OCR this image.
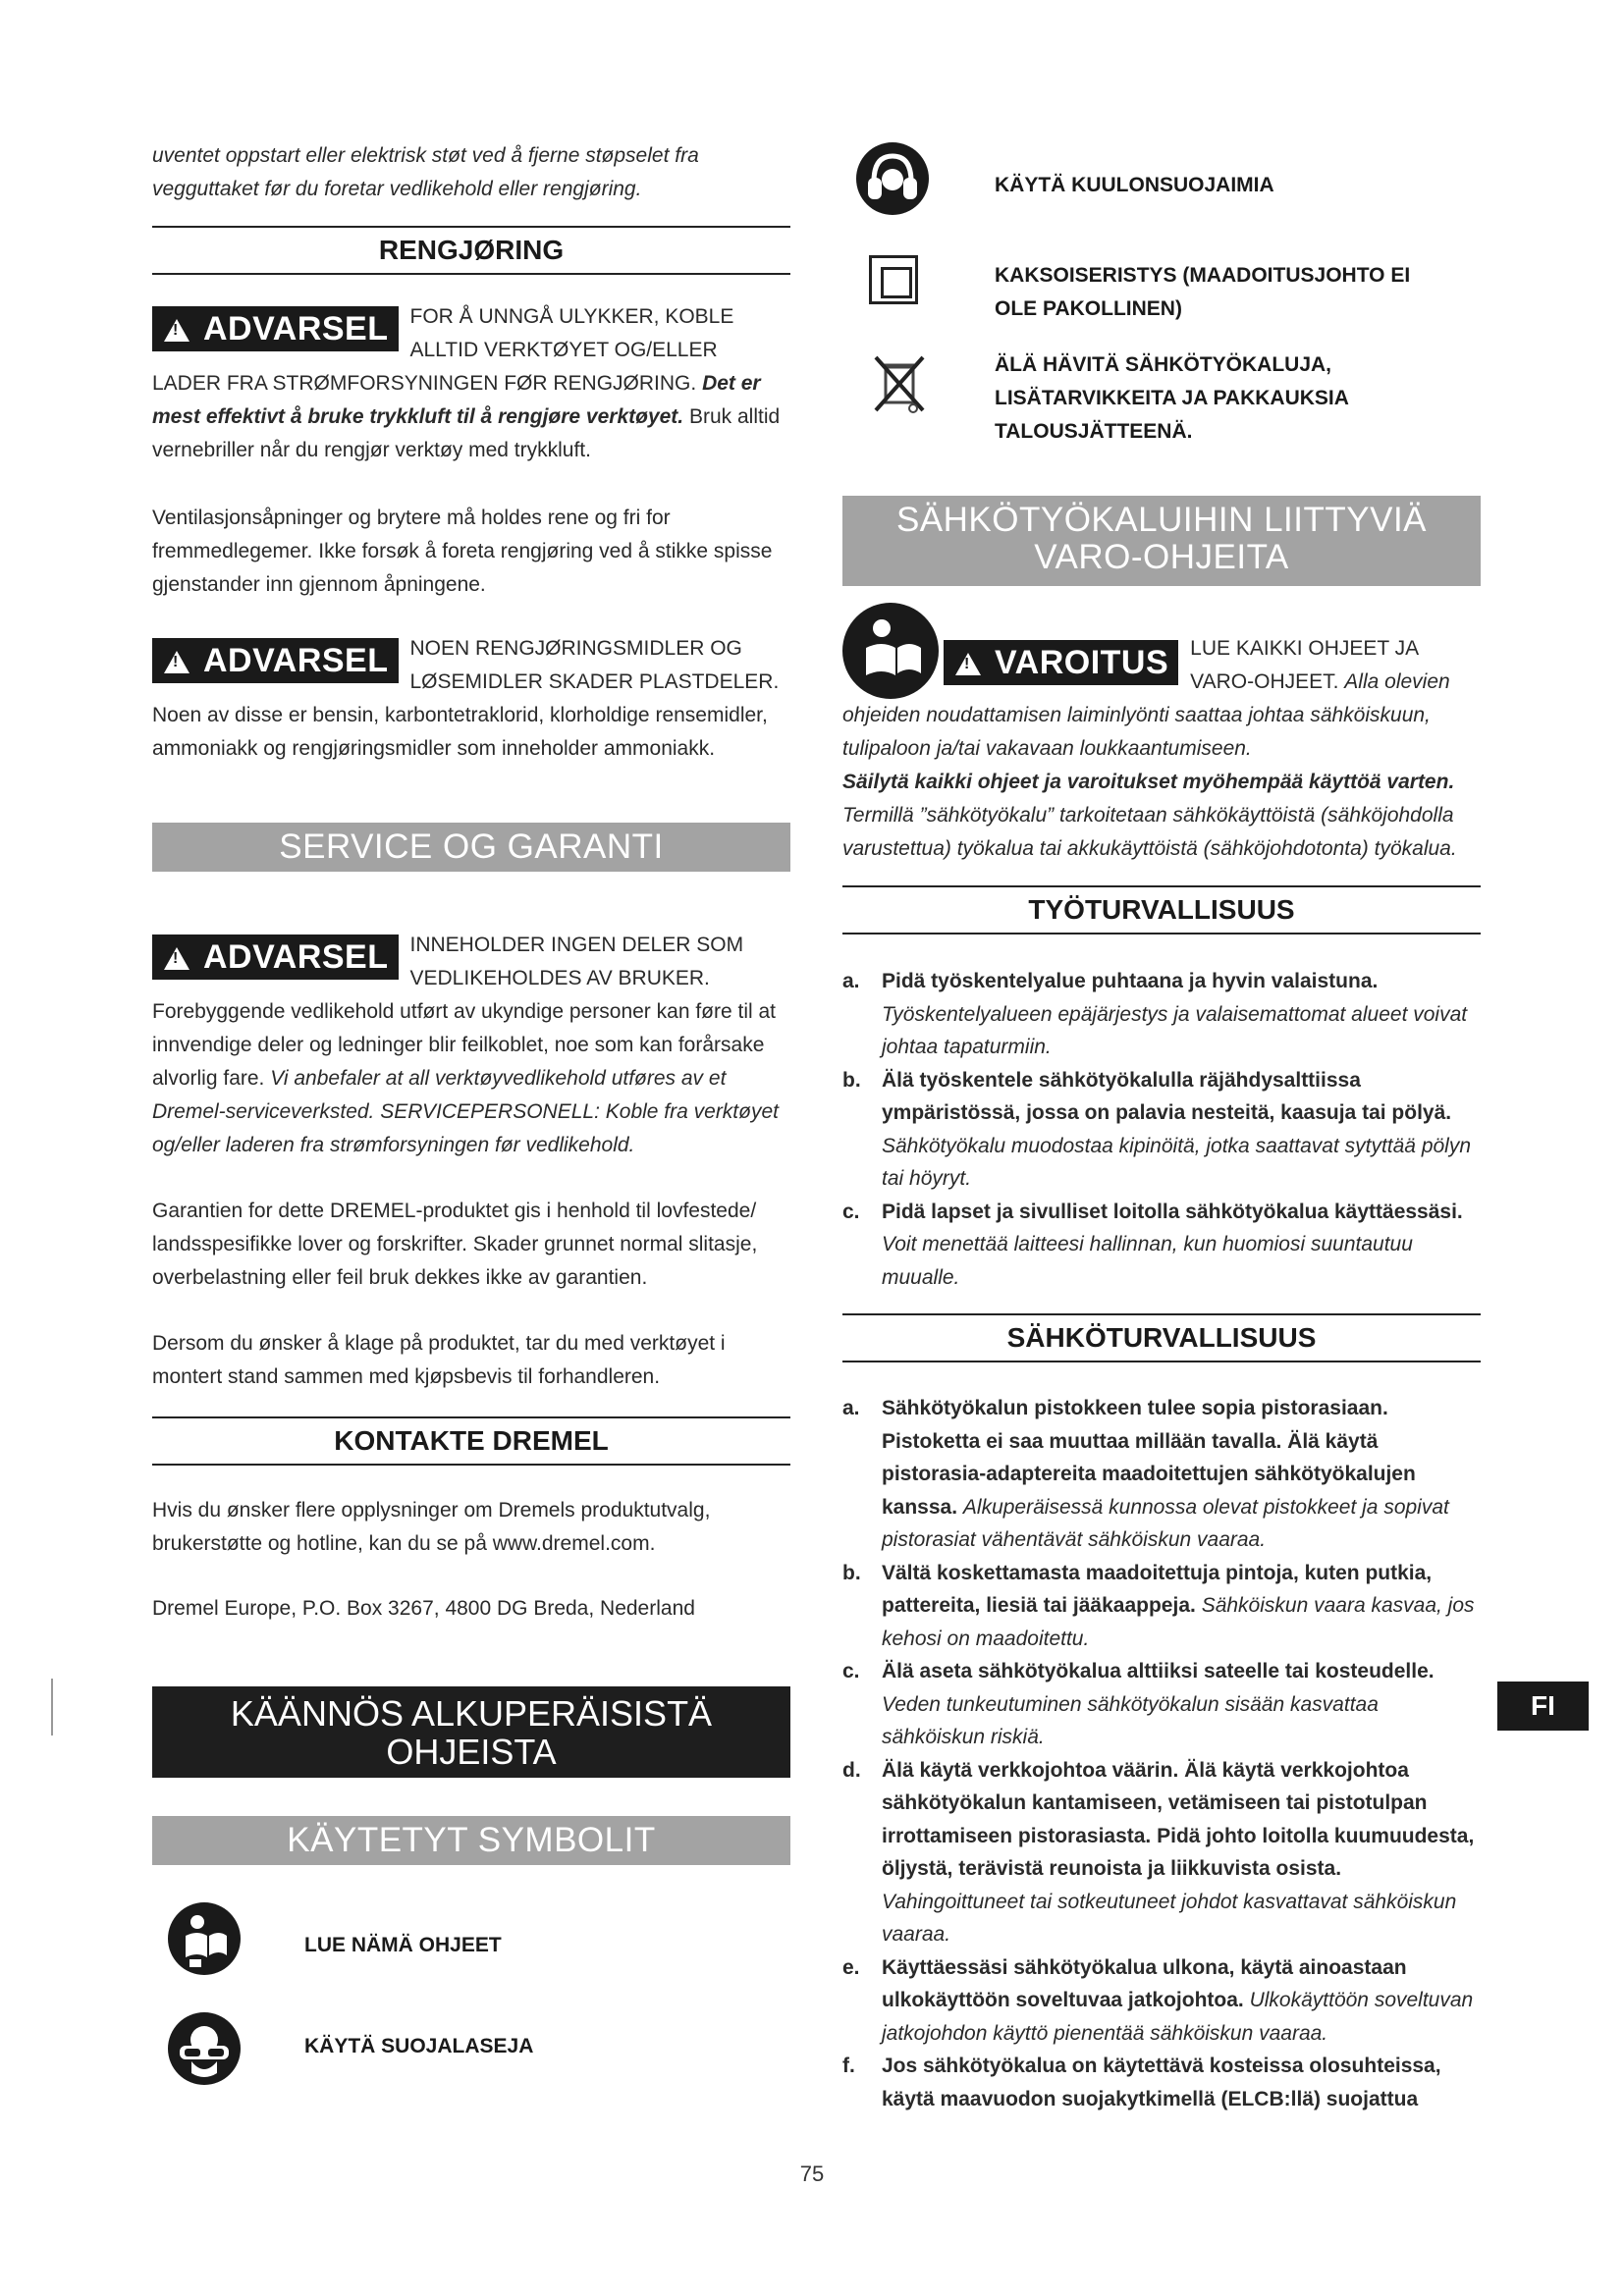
uventet oppstart eller elektrisk støt ved å fjerne støpselet fra vegguttaket før du foretar vedlikehold eller rengjøring.

RENGJØRING
!ADVARSEL	FOR Å UNNGÅ ULYKKER, KOBLE ALLTID VERKTØYET OG/ELLER LADER FRA STRØMFORSYNINGEN FØR RENGJØRING. Det er mest effektivt å bruke trykkluft til å rengjøre verktøyet. Bruk alltid vernebriller når du rengjør verktøy med trykkluft.

Ventilasjonsåpninger og brytere må holdes rene og fri for fremmedlegemer. Ikke forsøk å foreta rengjøring ved å stikke spisse gjenstander inn gjennom åpningene.

!ADVARSEL	NOEN RENGJØRINGSMIDLER OG LØSEMIDLER SKADER PLASTDELER. Noen av disse er bensin, karbontetraklorid, klorholdige rensemidler, ammoniakk og rengjøringsmidler som inneholder ammoniakk.
SERVICE OG GARANTI
!ADVARSEL	INNEHOLDER INGEN DELER SOM VEDLIKEHOLDES AV BRUKER. Forebyggende vedlikehold utført av ukyndige personer kan føre til at innvendige deler og ledninger blir feilkoblet, noe som kan forårsake alvorlig fare. Vi anbefaler at all verktøyvedlikehold utføres av et Dremel-serviceverksted. SERVICEPERSONELL: Koble fra verktøyet og/eller laderen fra strømforsyningen før vedlikehold.

Garantien for dette DREMEL-produktet gis i henhold til lovfestede/ landsspesifikke lover og forskrifter. Skader grunnet normal slitasje, overbelastning eller feil bruk dekkes ikke av garantien.

Dersom du ønsker å klage på produktet, tar du med verktøyet i montert stand sammen med kjøpsbevis til forhandleren.

KONTAKTE DREMEL

Hvis du ønsker flere opplysninger om Dremels produktutvalg, brukerstøtte og hotline, kan du se på www.dremel.com.

Dremel Europe, P.O. Box 3267, 4800 DG Breda, Nederland

KÄÄNNÖS ALKUPERÄISISTÄ
OHJEISTA
KÄYTETYT SYMBOLIT
LUE NÄMÄ OHJEET
KÄYTÄ SUOJALASEJA
KÄYTÄ KUULONSUOJAIMIA
KAKSOISERISTYS (MAADOITUSJOHTO EI
OLE PAKOLLINEN)
ÄLÄ HÄVITÄ SÄHKÖTYÖKALUJA,
LISÄTARVIKKEITA JA PAKKAUKSIA
TALOUSJÄTTEENÄ.
SÄHKÖTYÖKALUIHIN LIITTYVIÄ
VARO-OHJEITA
!VAROITUS	LUE KAIKKI OHJEET JA VARO-OHJEET. Alla olevien ohjeiden noudattamisen laiminlyönti saattaa johtaa sähköiskuun, tulipaloon ja/tai vakavaan loukkaantumiseen.
Säilytä kaikki ohjeet ja varoitukset myöhempää käyttöä varten.
Termillä ”sähkötyökalu” tarkoitetaan sähkökäyttöistä (sähköjohdolla varustettua) työkalua tai akkukäyttöistä (sähköjohdotonta) työkalua.
TYÖTURVALLISUUS
a. Pidä työskentelyalue puhtaana ja hyvin valaistuna.
Työskentelyalueen epäjärjestys ja valaisemattomat alueet voivat johtaa tapaturmiin.
b. Älä työskentele sähkötyökalulla räjähdysalttiissa ympäristössä, jossa on palavia nesteitä, kaasuja tai pölyä. Sähkötyökalu muodostaa kipinöitä, jotka saattavat sytyttää pölyn tai höyryt.
c. Pidä lapset ja sivulliset loitolla sähkötyökalua käyttäessäsi. Voit menettää laitteesi hallinnan, kun huomiosi suuntautuu muualle.
SÄHKÖTURVALLISUUS
a. Sähkötyökalun pistokkeen tulee sopia pistorasiaan. Pistoketta ei saa muuttaa millään tavalla. Älä käytä pistorasia-adaptereita maadoitettujen sähkötyökalujen kanssa. Alkuperäisessä kunnossa olevat pistokkeet ja sopivat pistorasiat vähentävät sähköiskun vaaraa.
b. Vältä koskettamasta maadoitettuja pintoja, kuten putkia, pattereita, liesiä tai jääkaappeja. Sähköiskun vaara kasvaa, jos kehosi on maadoitettu.
c. Älä aseta sähkötyökalua alttiiksi sateelle tai kosteudelle.
Veden tunkeutuminen sähkötyökalun sisään kasvattaa sähköiskun riskiä.
d. Älä käytä verkkojohtoa väärin. Älä käytä verkkojohtoa sähkötyökalun kantamiseen, vetämiseen tai pistotulpan irrottamiseen pistorasiasta. Pidä johto loitolla kuumuudesta, öljystä, terävistä reunoista ja liikkuvista osista. Vahingoittuneet tai sotkeutuneet johdot kasvattavat sähköiskun vaaraa.
e. Käyttäessäsi sähkötyökalua ulkona, käytä ainoastaan ulkokäyttöön soveltuvaa jatkojohtoa. Ulkokäyttöön soveltuvan jatkojohdon käyttö pienentää sähköiskun vaaraa.
f. Jos sähkötyökalua on käytettävä kosteissa olosuhteissa, käytä maavuodon suojakytkimellä (ELCB:llä) suojattua
FI
75
